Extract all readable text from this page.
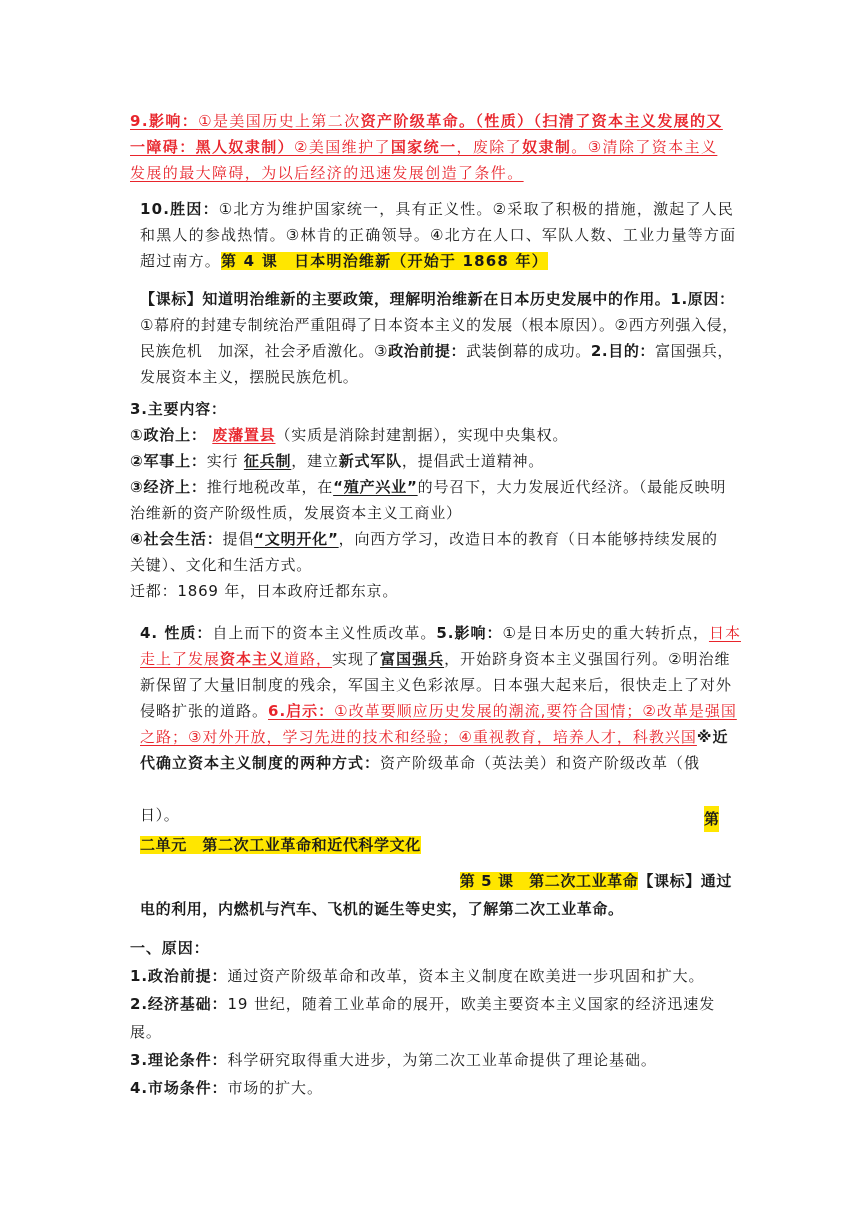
9.影响：①是美国历史上第二次资产阶级革命。（性质）（扫清了资本主义发展的又一障碍：黑人奴隶制）②美国维护了国家统一，废除了奴隶制。③清除了资本主义发展的最大障碍，为以后经济的迅速发展创造了条件。
10.胜因：①北方为维护国家统一，具有正义性。②采取了积极的措施，激起了人民和黑人的参战热情。③林肯的正确领导。④北方在人口、军队人数、工业力量等方面超过南方。第 4 课　日本明治维新（开始于 1868 年）
【课标】知道明治维新的主要政策，理解明治维新在日本历史发展中的作用。1.原因：①幕府的封建专制统治严重阻碍了日本资本主义的发展（根本原因）。②西方列强入侵，民族危机　加深，社会矛盾激化。③政治前提：武装倒幕的成功。2.目的：富国强兵，发展资本主义，摆脱民族危机。

3.主要内容：

①政治上： 废藩置县（实质是消除封建割据），实现中央集权。

②军事上：实行 征兵制，建立新式军队，提倡武士道精神。

③经济上：推行地税改革，在“殖产兴业”的号召下，大力发展近代经济。（最能反映明治维新的资产阶级性质，发展资本主义工商业）

④社会生活：提倡“文明开化”，向西方学习，改造日本的教育（日本能够持续发展的关键）、文化和生活方式。

迁都：1869 年，日本政府迁都东京。

4. 性质：自上而下的资本主义性质改革。5.影响：①是日本历史的重大转折点，日本走上了发展资本主义道路，实现了富国强兵，开始跻身资本主义强国行列。②明治维新保留了大量旧制度的残余，军国主义色彩浓厚。日本强大起来后，很快走上了对外侵略扩张的道路。6.启示：①改革要顺应历史发展的潮流,要符合国情；②改革是强国之路；③对外开放，学习先进的技术和经验；④重视教育，培养人才，科教兴国※近代确立资本主义制度的两种方式：资产阶级革命（英法美）和资产阶级改革（俄
日）。	第
二单元　第二次工业革命和近代科学文化
第 5 课　第二次工业革命【课标】通过
电的利用，内燃机与汽车、飞机的诞生等史实，了解第二次工业革命。

一、原因：

1.政治前提：通过资产阶级革命和改革，资本主义制度在欧美进一步巩固和扩大。

2.经济基础：19 世纪，随着工业革命的展开，欧美主要资本主义国家的经济迅速发展。

3.理论条件：科学研究取得重大进步，为第二次工业革命提供了理论基础。

4.市场条件：市场的扩大。
